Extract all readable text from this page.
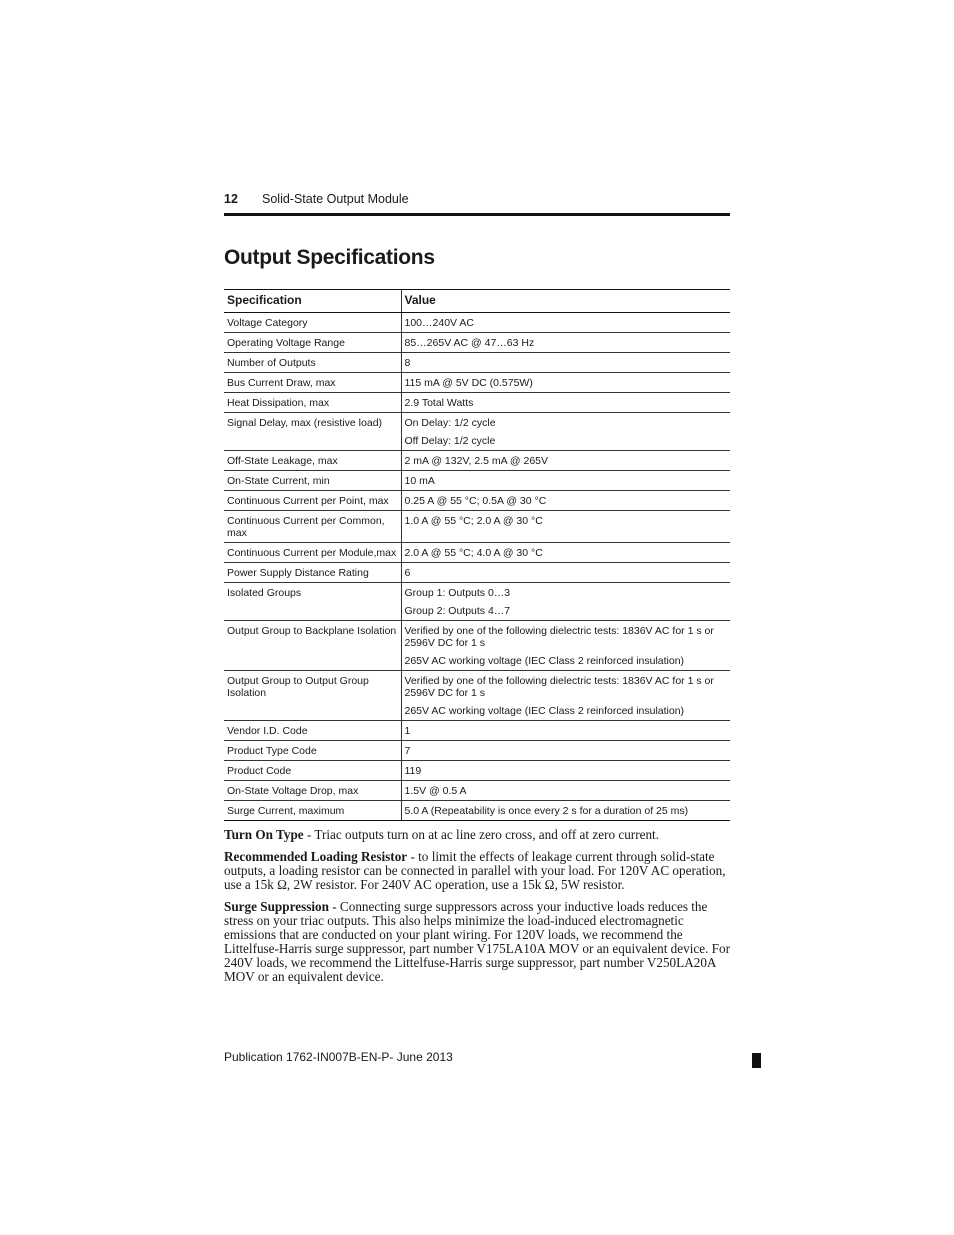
12 Solid-State Output Module
Output Specifications
Specification	Value
Voltage Category	100…240V AC

Operating Voltage Range	85…265V AC @ 47…63 Hz

Number of Outputs	8

Bus Current Draw, max	115 mA @ 5V DC (0.575W)

Heat Dissipation, max	2.9 Total Watts

Signal Delay, max (resistive load)	On Delay: 1/2 cycle
Off Delay: 1/2 cycle

Off-State Leakage, max	2 mA @ 132V, 2.5 mA @ 265V

On-State Current, min	10 mA

Continuous Current per Point, max	0.25 A @ 55 °C; 0.5A @ 30 °C

Continuous Current per Common, max	1.0 A @ 55 °C; 2.0 A @ 30 °C

Continuous Current per Module,max	2.0 A @ 55 °C; 4.0 A @ 30 °C

Power Supply Distance Rating	6

Isolated Groups	Group 1: Outputs 0…3
Group 2: Outputs 4…7

Output Group to Backplane Isolation	Verified by one of the following dielectric tests: 1836V AC for 1 s or 2596V DC for 1 s
265V AC working voltage (IEC Class 2 reinforced insulation)

Output Group to Output Group Isolation	Verified by one of the following dielectric tests: 1836V AC for 1 s or 2596V DC for 1 s
265V AC working voltage (IEC Class 2 reinforced insulation)

Vendor I.D. Code	1

Product Type Code	7

Product Code	119

On-State Voltage Drop, max	1.5V @ 0.5 A

Surge Current, maximum	5.0 A (Repeatability is once every 2 s for a duration of 25 ms)

Turn On Type - Triac outputs turn on at ac line zero cross, and off at zero current.

Recommended Loading Resistor - to limit the effects of leakage current through solid-state outputs, a loading resistor can be connected in parallel with your load. For 120V AC operation, use a 15k Ω, 2W resistor. For 240V AC operation, use a 15k Ω, 5W resistor.

Surge Suppression - Connecting surge suppressors across your inductive loads reduces the stress on your triac outputs. This also helps minimize the load-induced electromagnetic emissions that are conducted on your plant wiring. For 120V loads, we recommend the Littelfuse-Harris surge suppressor, part number V175LA10A MOV or an equivalent device. For 240V loads, we recommend the Littelfuse-Harris surge suppressor, part number V250LA20A MOV or an equivalent device.

Publication 1762-IN007B-EN-P- June 2013
